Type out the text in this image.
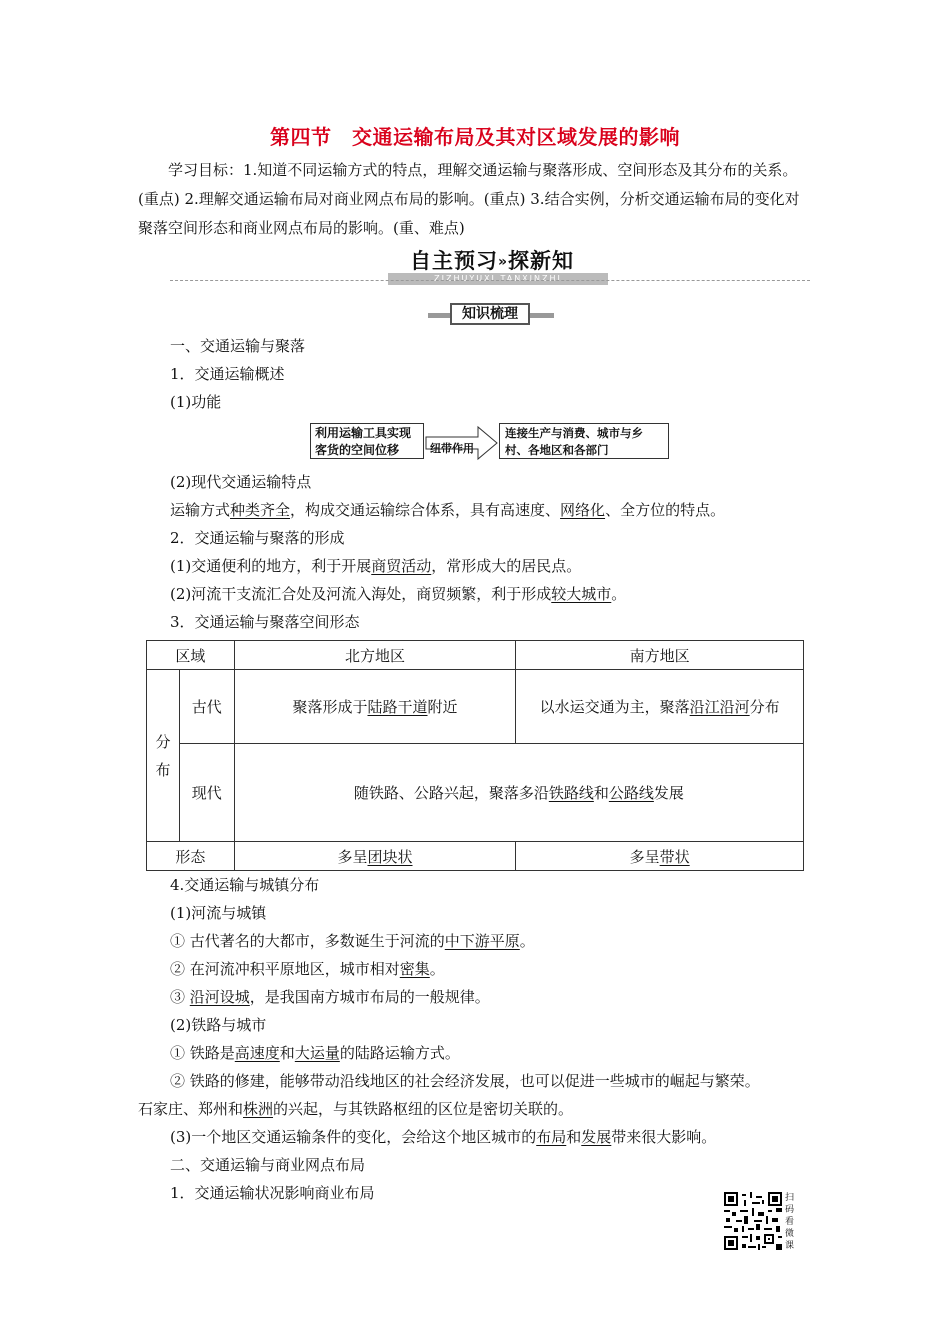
第四节　交通运输布局及其对区域发展的影响
学习目标：1.知道不同运输方式的特点，理解交通运输与聚落形成、空间形态及其分布的关系。(重点) 2.理解交通运输布局对商业网点布局的影响。(重点) 3.结合实例，分析交通运输布局的变化对聚落空间形态和商业网点布局的影响。(重、难点)
自主预习»探新知
ZIZHUYUXI TANXINZHI
知识梳理
一、交通运输与聚落
1．交通运输概述
(1)功能
利用运输工具实现客货的空间位移	纽带作用
连接生产与消费、城市与乡村、各地区和各部门
(2)现代交通运输特点
运输方式种类齐全，构成交通运输综合体系，具有高速度、网络化、全方位的特点。
2．交通运输与聚落的形成
(1)交通便利的地方，利于开展商贸活动，常形成大的居民点。
(2)河流干支流汇合处及河流入海处，商贸频繁，利于形成较大城市。
3．交通运输与聚落空间形态
区域		北方地区	南方地区
分布	古代	聚落形成于陆路干道附近	以水运交通为主，聚落沿江沿河分布
	现代	随铁路、公路兴起，聚落多沿铁路线和公路线发展	
形态		多呈团块状	多呈带状
4.交通运输与城镇分布
(1)河流与城镇
① 古代著名的大都市，多数诞生于河流的中下游平原。
② 在河流冲积平原地区，城市相对密集。
③ 沿河设城，是我国南方城市布局的一般规律。
(2)铁路与城市
① 铁路是高速度和大运量的陆路运输方式。
② 铁路的修建，能够带动沿线地区的社会经济发展，也可以促进一些城市的崛起与繁荣。
石家庄、郑州和株洲的兴起，与其铁路枢纽的区位是密切关联的。
(3)一个地区交通运输条件的变化，会给这个地区城市的布局和发展带来很大影响。
二、交通运输与商业网点布局
1．交通运输状况影响商业布局	扫码看微课
